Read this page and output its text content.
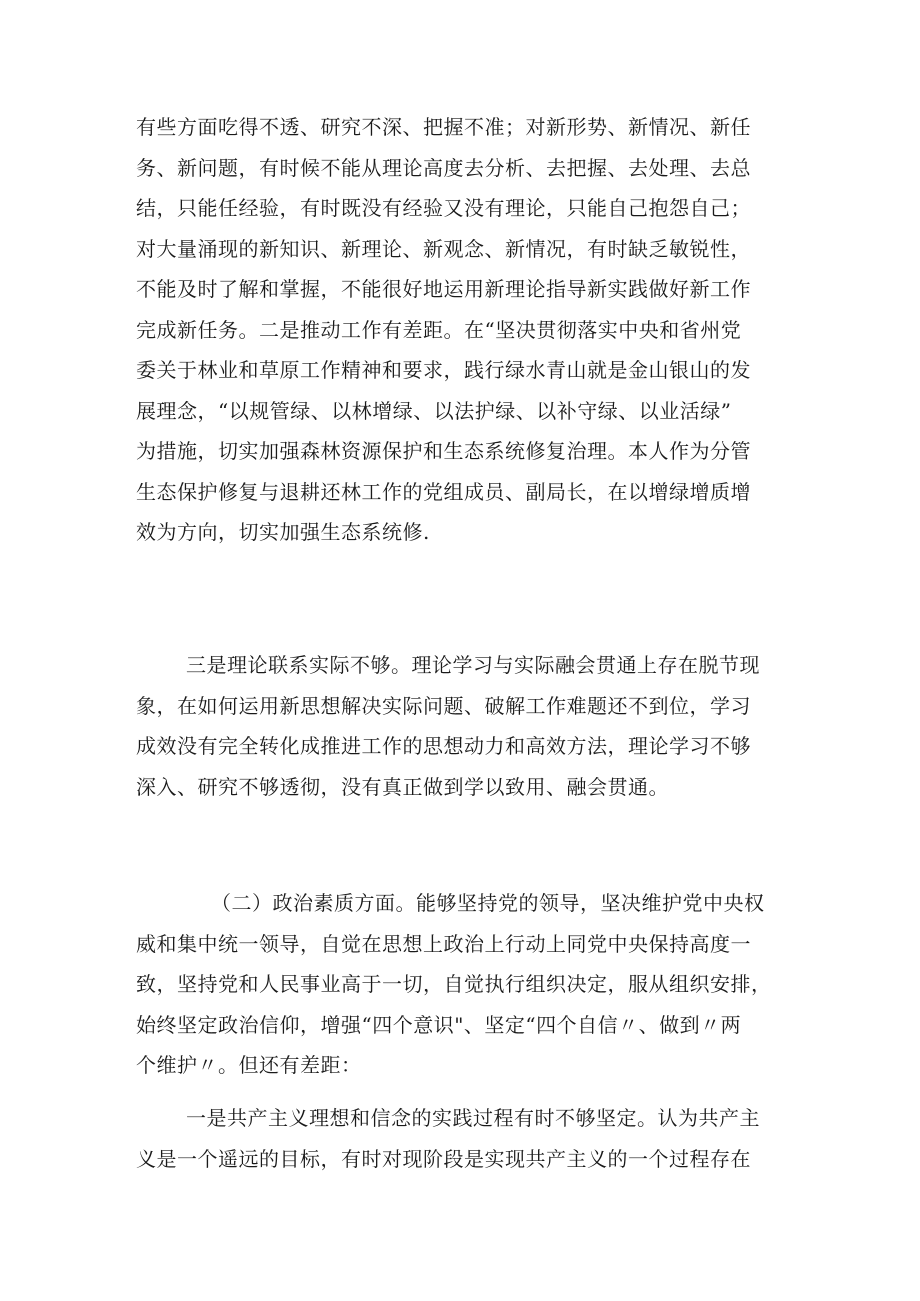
有些方面吃得不透、研究不深、把握不准；对新形势、新情况、新任
务、新问题，有时候不能从理论高度去分析、去把握、去处理、去总
结，只能任经验，有时既没有经验又没有理论，只能自己抱怨自己；
对大量涌现的新知识、新理论、新观念、新情况，有时缺乏敏锐性，
不能及时了解和掌握，不能很好地运用新理论指导新实践做好新工作
完成新任务。二是推动工作有差距。在“坚决贯彻落实中央和省州党
委关于林业和草原工作精神和要求，践行绿水青山就是金山银山的发
展理念，“以规管绿、以林增绿、以法护绿、以补守绿、以业活绿”
为措施，切实加强森林资源保护和生态系统修复治理。本人作为分管
生态保护修复与退耕还林工作的党组成员、副局长，在以增绿增质增
效为方向，切实加强生态系统修.
三是理论联系实际不够。理论学习与实际融会贯通上存在脱节现
象，在如何运用新思想解决实际问题、破解工作难题还不到位，学习
成效没有完全转化成推进工作的思想动力和高效方法，理论学习不够
深入、研究不够透彻，没有真正做到学以致用、融会贯通。
（二）政治素质方面。能够坚持党的领导，坚决维护党中央权
威和集中统一领导，自觉在思想上政治上行动上同党中央保持高度一
致，坚持党和人民事业高于一切，自觉执行组织决定，服从组织安排，
始终坚定政治信仰，增强“四个意识"、坚定“四个自信〃、做到〃两
个维护〃。但还有差距：
一是共产主义理想和信念的实践过程有时不够坚定。认为共产主
义是一个遥远的目标，有时对现阶段是实现共产主义的一个过程存在
